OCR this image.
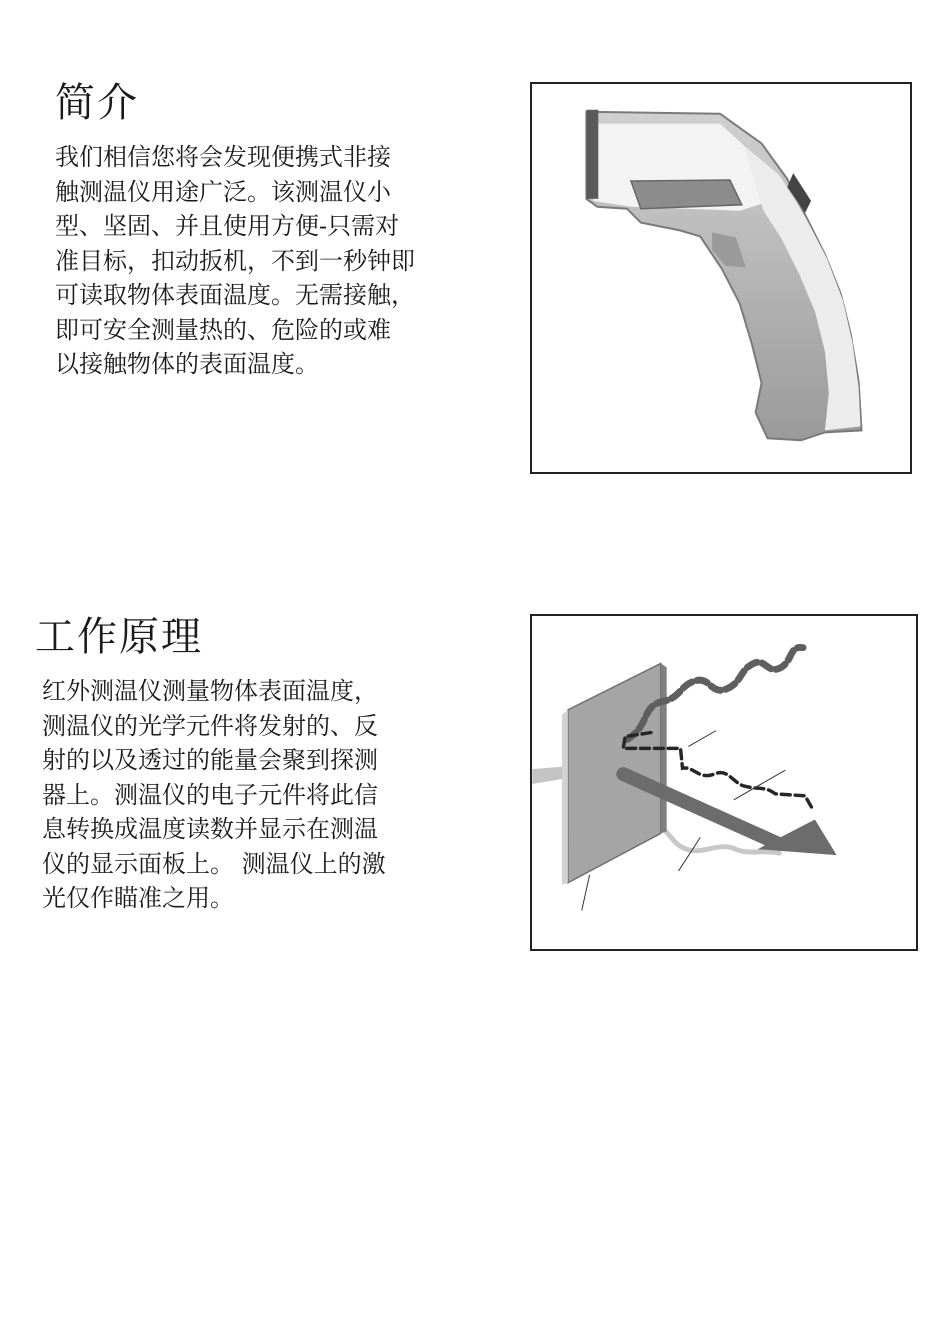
简介
我们相信您将会发现便携式非接
触测温仪用途广泛。该测温仪小
型、坚固、并且使用方便-只需对
准目标，扣动扳机，不到一秒钟即
可读取物体表面温度。无需接触，
即可安全测量热的、危险的或难
以接触物体的表面温度。
工作原理
红外测温仪测量物体表面温度，
测温仪的光学元件将发射的、反
射的以及透过的能量会聚到探测
器上。测温仪的电子元件将此信
息转换成温度读数并显示在测温
仪的显示面板上。 测温仪上的激
光仅作瞄准之用。
